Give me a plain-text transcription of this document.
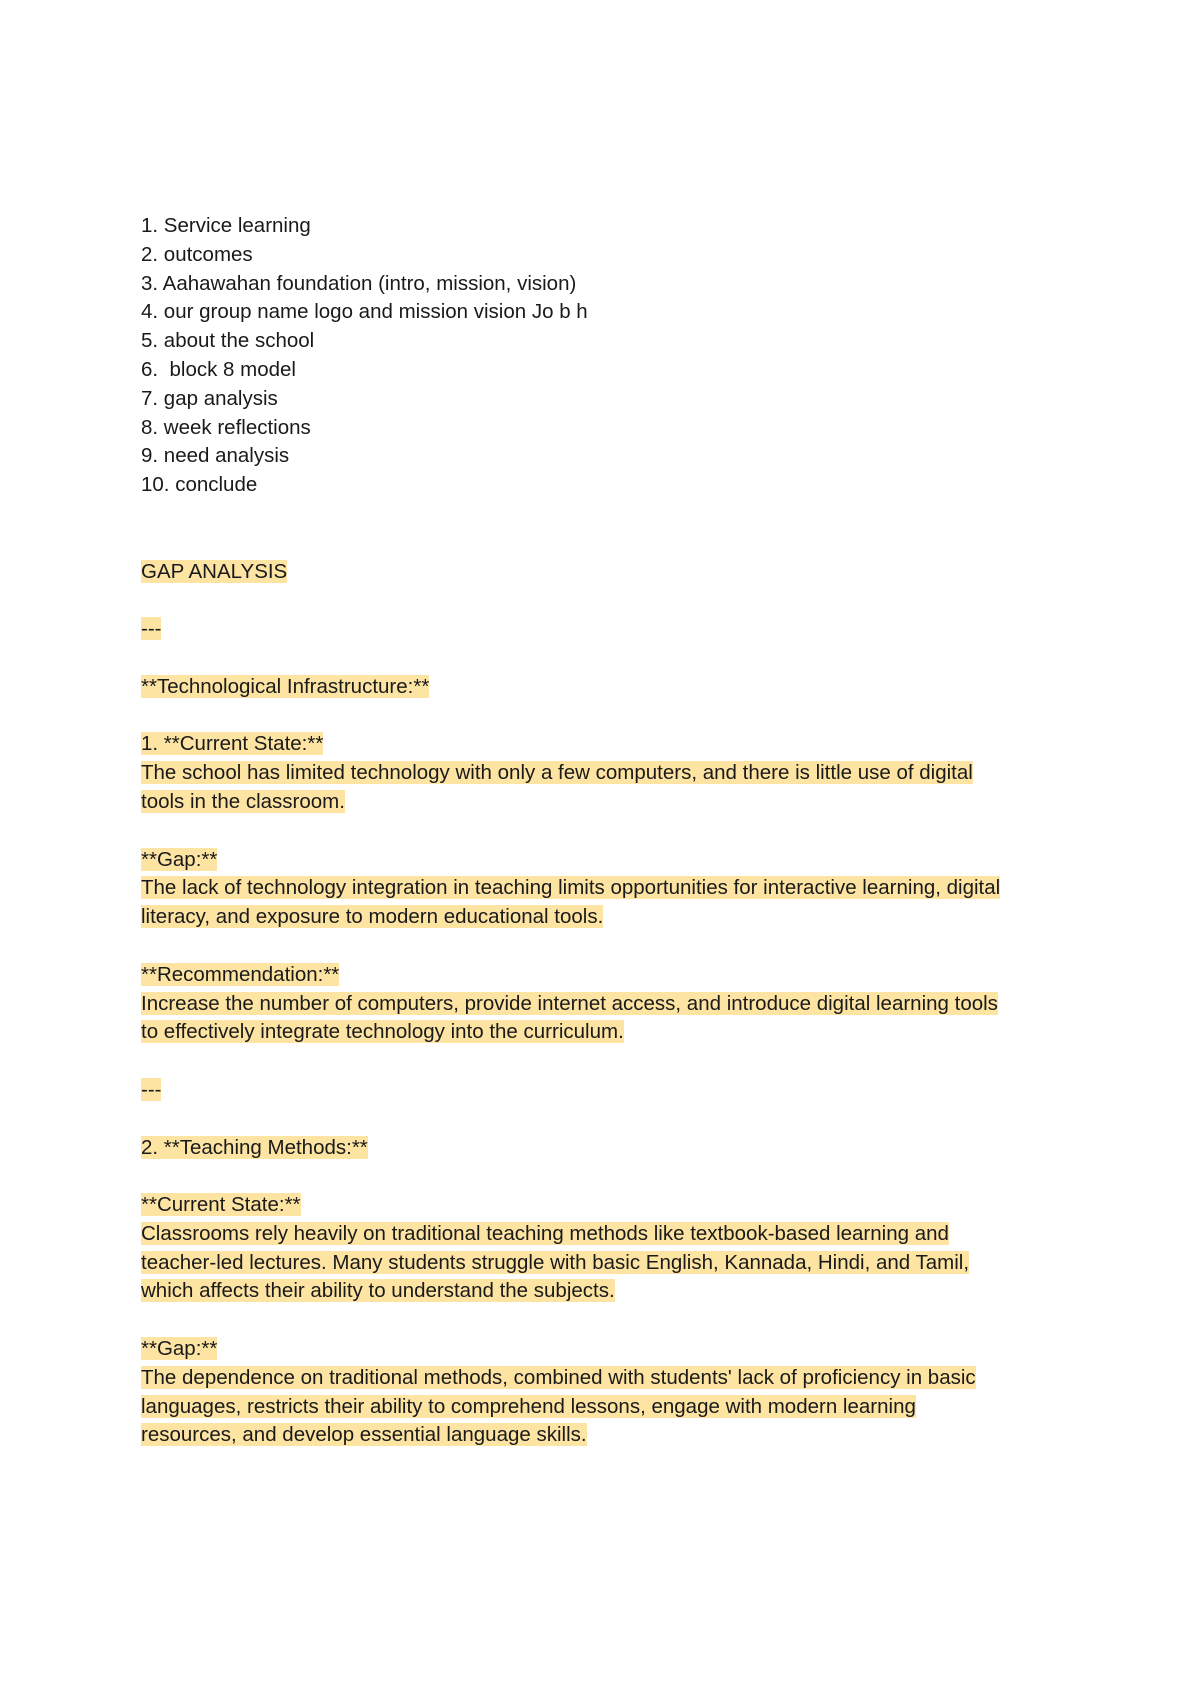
1. Service learning
2. outcomes
3. Aahawahan foundation (intro, mission, vision)
4. our group name logo and mission vision Jo b h
5. about the school
6.  block 8 model
7. gap analysis
8. week reflections
9. need analysis
10. conclude
GAP ANALYSIS
---
**Technological Infrastructure:**
1. **Current State:**
The school has limited technology with only a few computers, and there is little use of digital
tools in the classroom.
**Gap:**
The lack of technology integration in teaching limits opportunities for interactive learning, digital
literacy, and exposure to modern educational tools.
**Recommendation:**
Increase the number of computers, provide internet access, and introduce digital learning tools
to effectively integrate technology into the curriculum.
---
2. **Teaching Methods:**
**Current State:**
Classrooms rely heavily on traditional teaching methods like textbook-based learning and
teacher-led lectures. Many students struggle with basic English, Kannada, Hindi, and Tamil,
which affects their ability to understand the subjects.
**Gap:**
The dependence on traditional methods, combined with students' lack of proficiency in basic
languages, restricts their ability to comprehend lessons, engage with modern learning
resources, and develop essential language skills.
